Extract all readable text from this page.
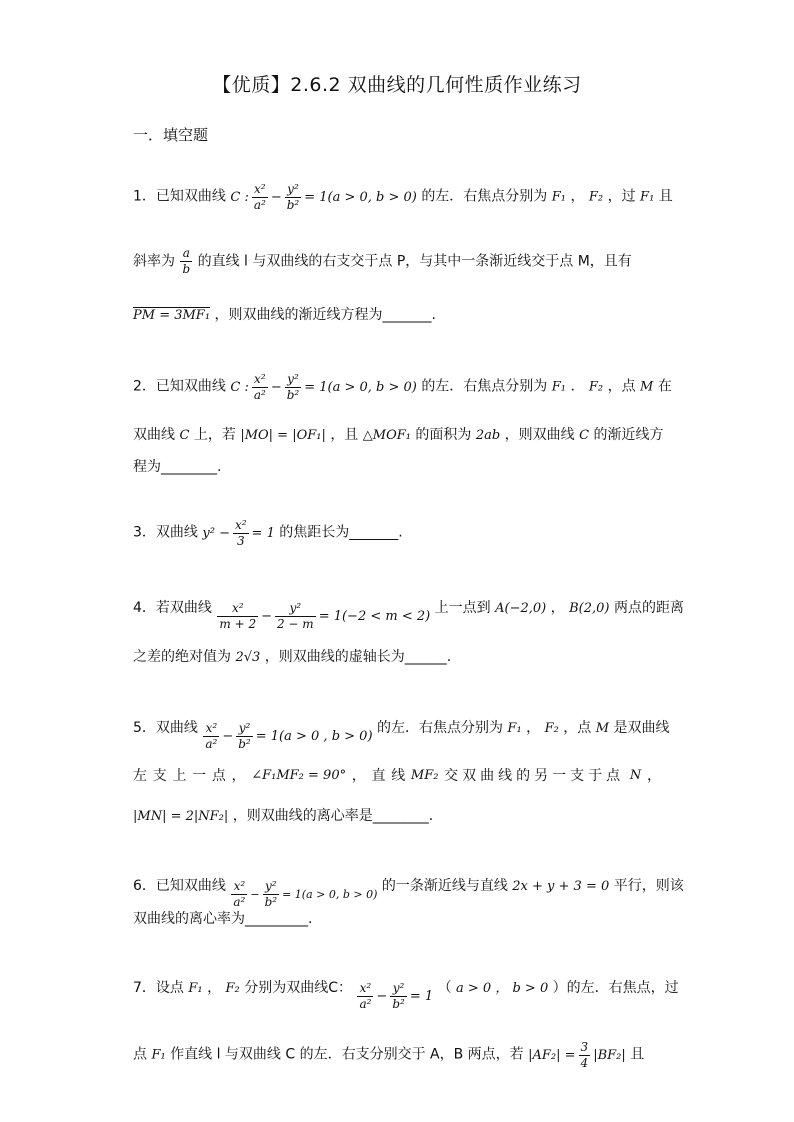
【优质】2.6.2 双曲线的几何性质作业练习
一．填空题
1．已知双曲线 C : $\frac{\text{x²}}{\text{a²}} - \frac{\text{y²}}{\text{b²}} = 1(a > 0$, b > 0) 的左．右焦点分别为 F₁ ， F₂ ，过 F₁ 且
斜率为 $\frac{a}{b}$ 的直线 l 与双曲线的右支交于点 P，与其中一条渐近线交于点 M，且有
PM = 3MF₁ ，则双曲线的渐近线方程为_______.
2．已知双曲线 C : $\frac{\text{x²}}{\text{a²}} - \frac{\text{y²}}{\text{b²}} = 1(a > 0$, b > 0) 的左．右焦点分别为 F₁ ． F₂ ，点 M 在
双曲线 C 上，若 |MO| = |OF₁| ，且 △MOF₁ 的面积为 2ab ，则双曲线 C 的渐近线方
程为________.
3．双曲线 $y^2 - \frac{\text{x²}}{3} = 1$ 的焦距长为_______.
4．若双曲线 $\frac{\text{x²}}{m + 2} - \frac{\text{y²}}{2 - m} = 1(-2 < m < 2)$ 上一点到 A(−2,0) ， B(2,0) 两点的距离
之差的绝对值为 2√3 ，则双曲线的虚轴长为______.
5．双曲线 $\frac{\text{x²}}{\text{a²}} - \frac{\text{y²}}{\text{b²}} = 1(a > 0$ , b > 0) 的左．右焦点分别为 F₁ ， F₂ ，点 M 是双曲线
左 支 上 一 点 ， ∠F₁MF₂ = 90° ， 直 线 MF₂ 交双曲线的另一支于点 N ，
|MN| = 2|NF₂| ，则双曲线的离心率是________.
6．已知双曲线 $\frac{\text{x²}}{\text{a²}} - \frac{\text{y²}}{\text{b²}} = 1(a > 0$, b > 0) 的一条渐近线与直线 2x + y + 3 = 0 平行，则该
双曲线的离心率为_________.
7．设点 F₁ ， F₂ 分别为双曲线C： $\frac{\text{x²}}{\text{a²}} - \frac{\text{y²}}{\text{b²}} = 1$ （ a > 0 ， b > 0 ）的左．右焦点，过
点 F₁ 作直线 l 与双曲线 C 的左．右支分别交于 A，B 两点，若 $|AF_2| = \frac{3}{4} |BF_2|$ 且
